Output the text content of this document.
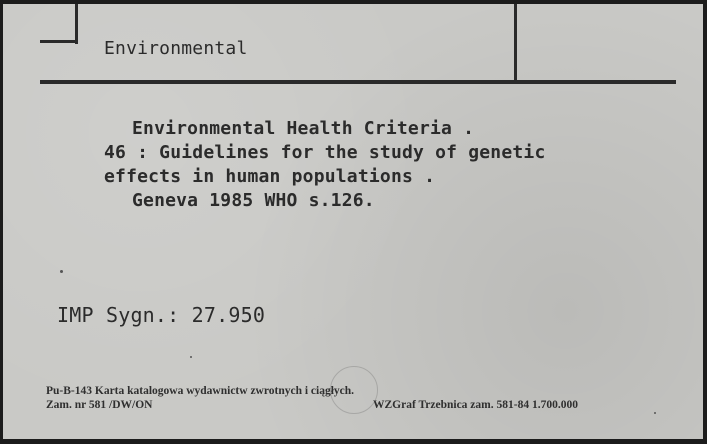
Environmental
Environmental Health Criteria .
46 : Guidelines for the study of genetic
effects in human populations .
Geneva 1985 WHO s.126.
IMP Sygn.: 27.950
Pu-B-143 Karta katalogowa wydawnictw zwrotnych i ciągłych.
Zam. nr 581 /DW/ON	WZGraf Trzebnica zam. 581-84 1.700.000
